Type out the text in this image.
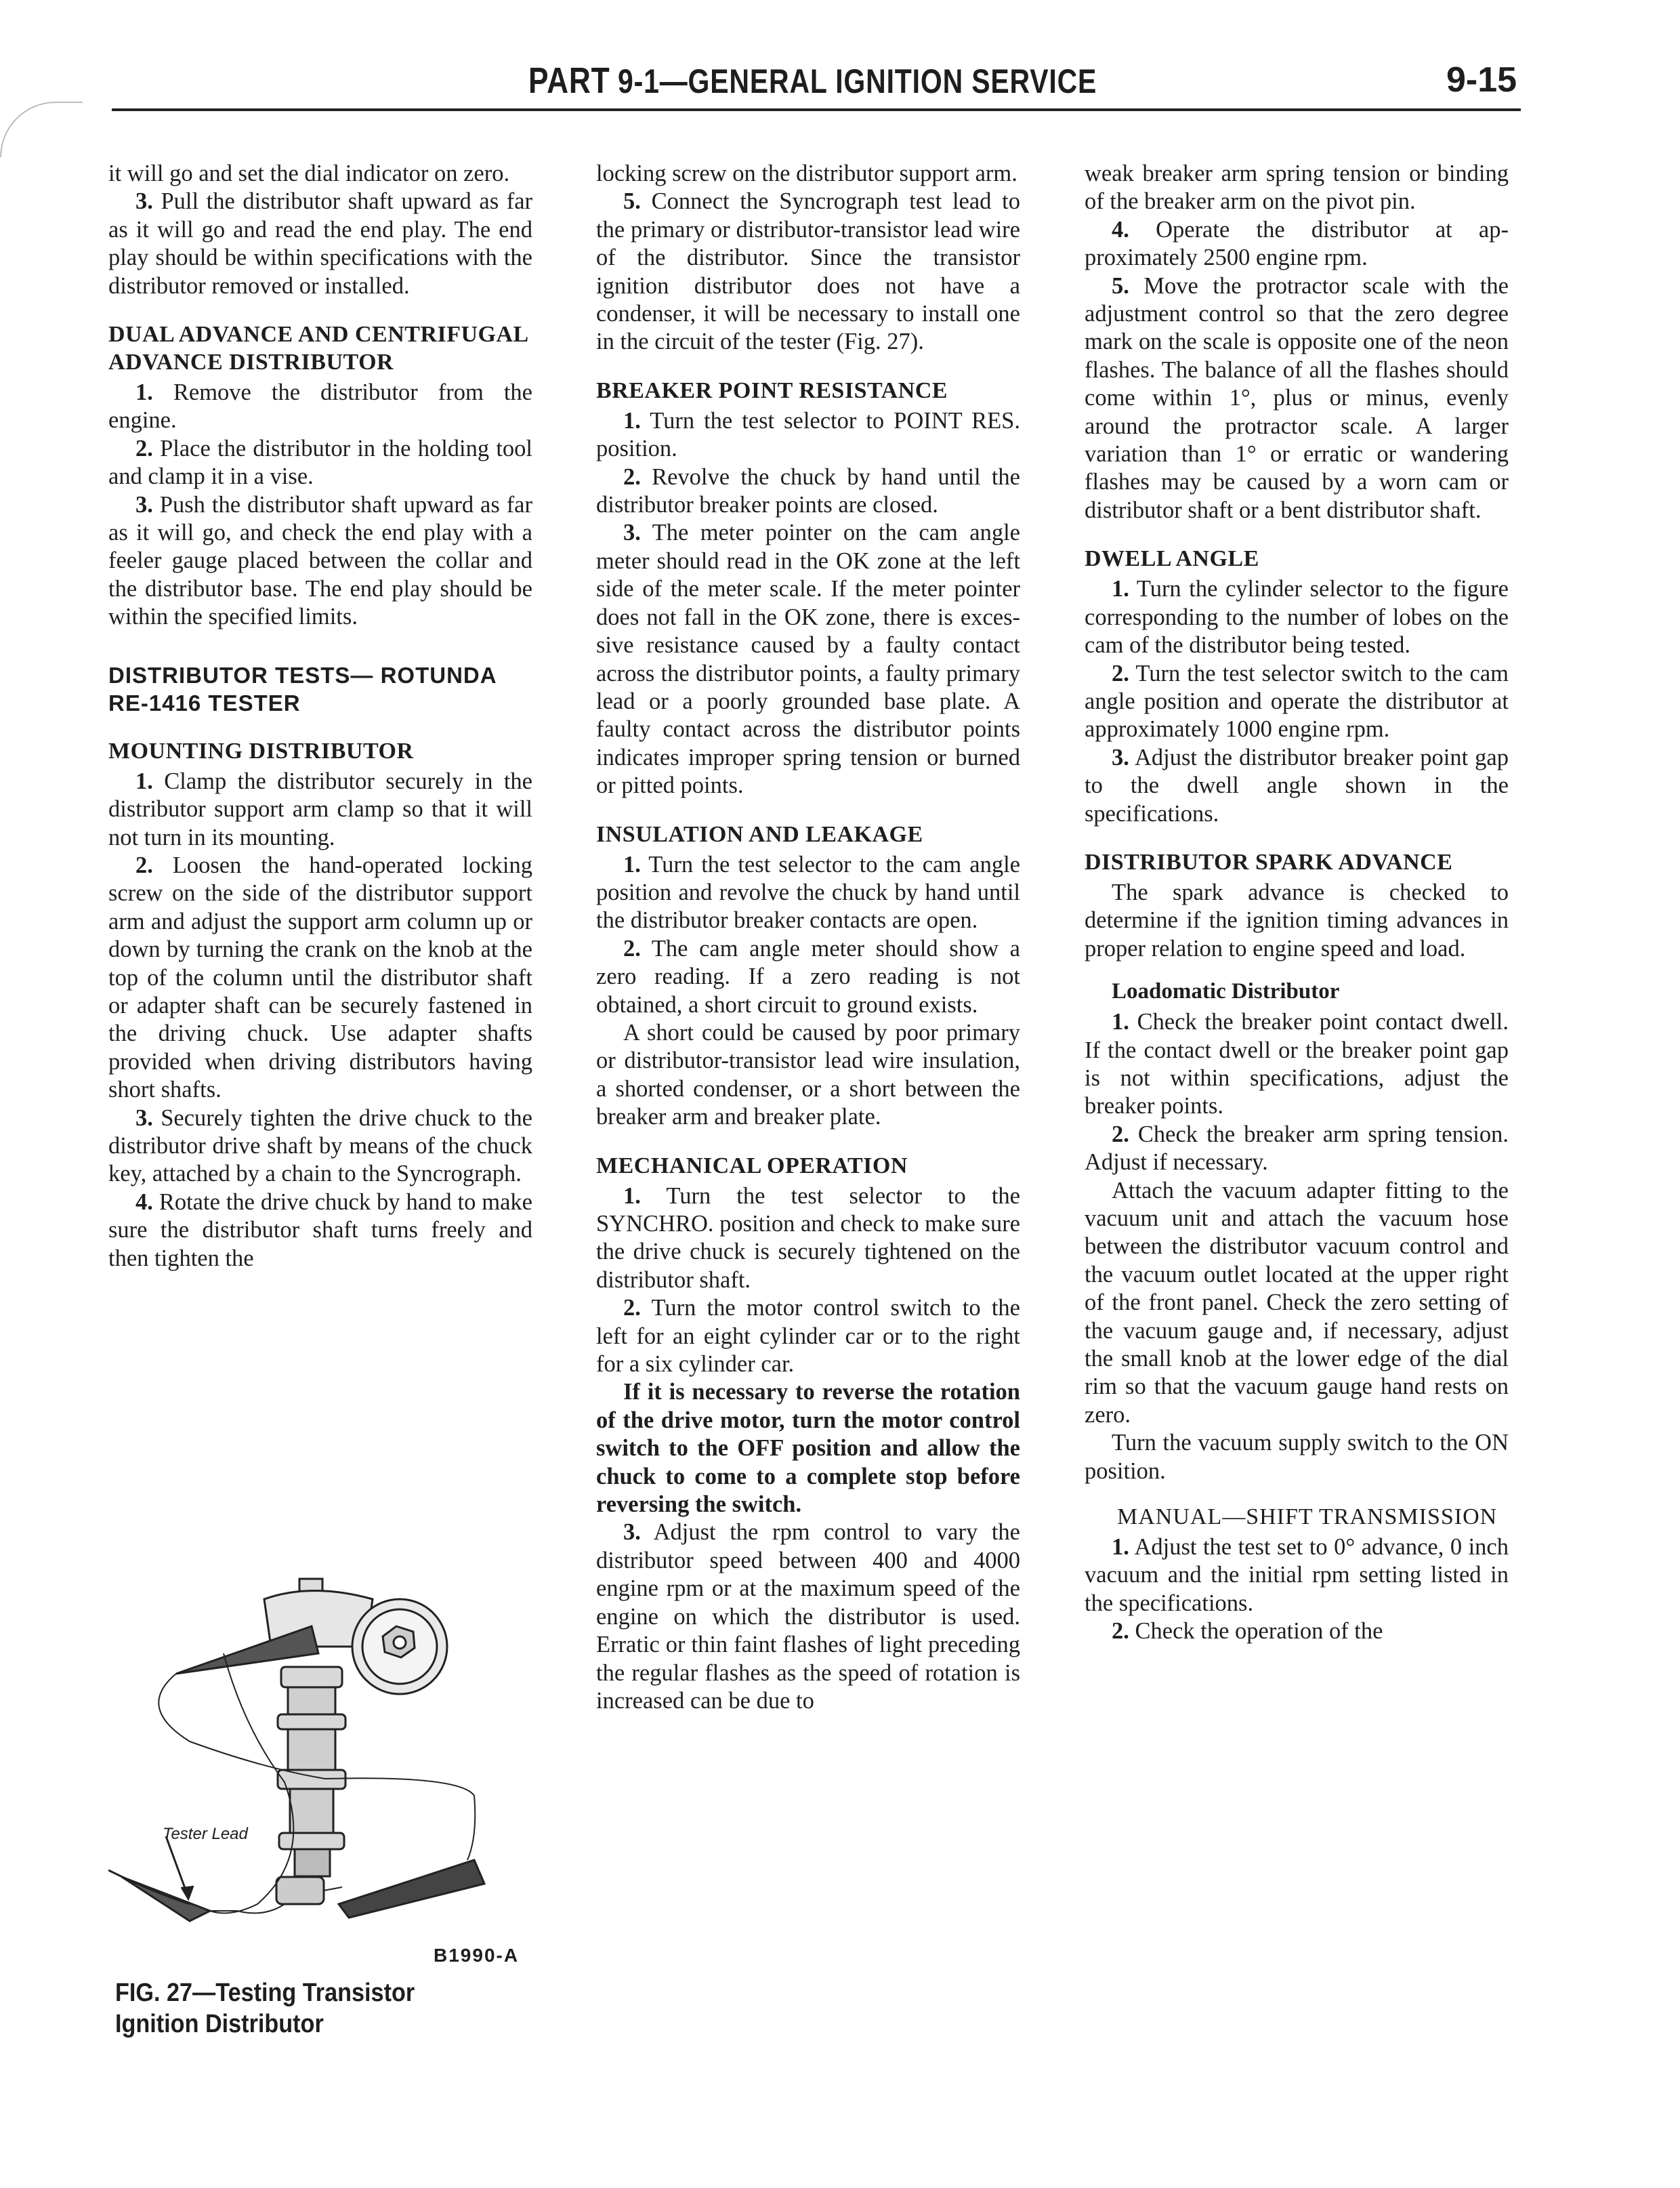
PART 9-1—GENERAL IGNITION SERVICE	9-15

it will go and set the dial indicator on zero.

3. Pull the distributor shaft upward as far as it will go and read the end play. The end play should be within specifications with the distributor removed or installed.

DUAL ADVANCE AND CENTRIFUGAL ADVANCE DISTRIBUTOR

1. Remove the distributor from the engine.

2. Place the distributor in the holding tool and clamp it in a vise.

3. Push the distributor shaft upward as far as it will go, and check the end play with a feeler gauge placed between the collar and the distributor base. The end play should be within the specified limits.

DISTRIBUTOR TESTS— ROTUNDA RE-1416 TESTER
MOUNTING DISTRIBUTOR

1. Clamp the distributor securely in the distributor support arm clamp so that it will not turn in its mounting.

2. Loosen the hand-operated locking screw on the side of the distributor support arm and adjust the support arm column up or down by turning the crank on the knob at the top of the column until the distributor shaft or adapter shaft can be securely fastened in the driving chuck. Use adapter shafts provided when driving distributors having short shafts.

3. Securely tighten the drive chuck to the distributor drive shaft by means of the chuck key, attached by a chain to the Syncrograph.

4. Rotate the drive chuck by hand to make sure the distributor shaft turns freely and then tighten the

locking screw on the distributor support arm.

5. Connect the Syncrograph test lead to the primary or distributor-transistor lead wire of the distributor. Since the transistor ignition distributor does not have a condenser, it will be necessary to install one in the circuit of the tester (Fig. 27).

BREAKER POINT RESISTANCE

1. Turn the test selector to POINT RES. position.

2. Revolve the chuck by hand until the distributor breaker points are closed.

3. The meter pointer on the cam angle meter should read in the OK zone at the left side of the meter scale. If the meter pointer does not fall in the OK zone, there is excessive resistance caused by a faulty contact across the distributor points, a faulty primary lead or a poorly grounded base plate. A faulty contact across the distributor points indicates improper spring tension or burned or pitted points.

INSULATION AND LEAKAGE

1. Turn the test selector to the cam angle position and revolve the chuck by hand until the distributor breaker contacts are open.

2. The cam angle meter should show a zero reading. If a zero reading is not obtained, a short circuit to ground exists.

A short could be caused by poor primary or distributor-transistor lead wire insulation, a shorted condenser, or a short between the breaker arm and breaker plate.

MECHANICAL OPERATION

1. Turn the test selector to the SYNCHRO. position and check to make sure the drive chuck is securely tightened on the distributor shaft.

2. Turn the motor control switch to the left for an eight cylinder car or to the right for a six cylinder car.

If it is necessary to reverse the rotation of the drive motor, turn the motor control switch to the OFF position and allow the chuck to come to a complete stop before reversing the switch.

3. Adjust the rpm control to vary the distributor speed between 400 and 4000 engine rpm or at the maximum speed of the engine on which the distributor is used. Erratic or thin faint flashes of light preceding the regular flashes as the speed of rotation is increased can be due to

weak breaker arm spring tension or binding of the breaker arm on the pivot pin.

4. Operate the distributor at approximately 2500 engine rpm.

5. Move the protractor scale with the adjustment control so that the zero degree mark on the scale is opposite one of the neon flashes. The balance of all the flashes should come within 1°, plus or minus, evenly around the protractor scale. A larger variation than 1° or erratic or wandering flashes may be caused by a worn cam or distributor shaft or a bent distributor shaft.

DWELL ANGLE

1. Turn the cylinder selector to the figure corresponding to the number of lobes on the cam of the distributor being tested.

2. Turn the test selector switch to the cam angle position and operate the distributor at approximately 1000 engine rpm.

3. Adjust the distributor breaker point gap to the dwell angle shown in the specifications.

DISTRIBUTOR SPARK ADVANCE

The spark advance is checked to determine if the ignition timing advances in proper relation to engine speed and load.

Loadomatic Distributor

1. Check the breaker point contact dwell. If the contact dwell or the breaker point gap is not within specifications, adjust the breaker points.

2. Check the breaker arm spring tension. Adjust if necessary.

Attach the vacuum adapter fitting to the vacuum unit and attach the vacuum hose between the distributor vacuum control and the vacuum outlet located at the upper right of the front panel. Check the zero setting of the vacuum gauge and, if necessary, adjust the small knob at the lower edge of the dial rim so that the vacuum gauge hand rests on zero.

Turn the vacuum supply switch to the ON position.

MANUAL—SHIFT TRANSMISSION

1. Adjust the test set to 0° advance, 0 inch vacuum and the initial rpm setting listed in the specifications.

2. Check the operation of the

Tester Lead
B1990-A
FIG. 27—Testing Transistor Ignition Distributor
